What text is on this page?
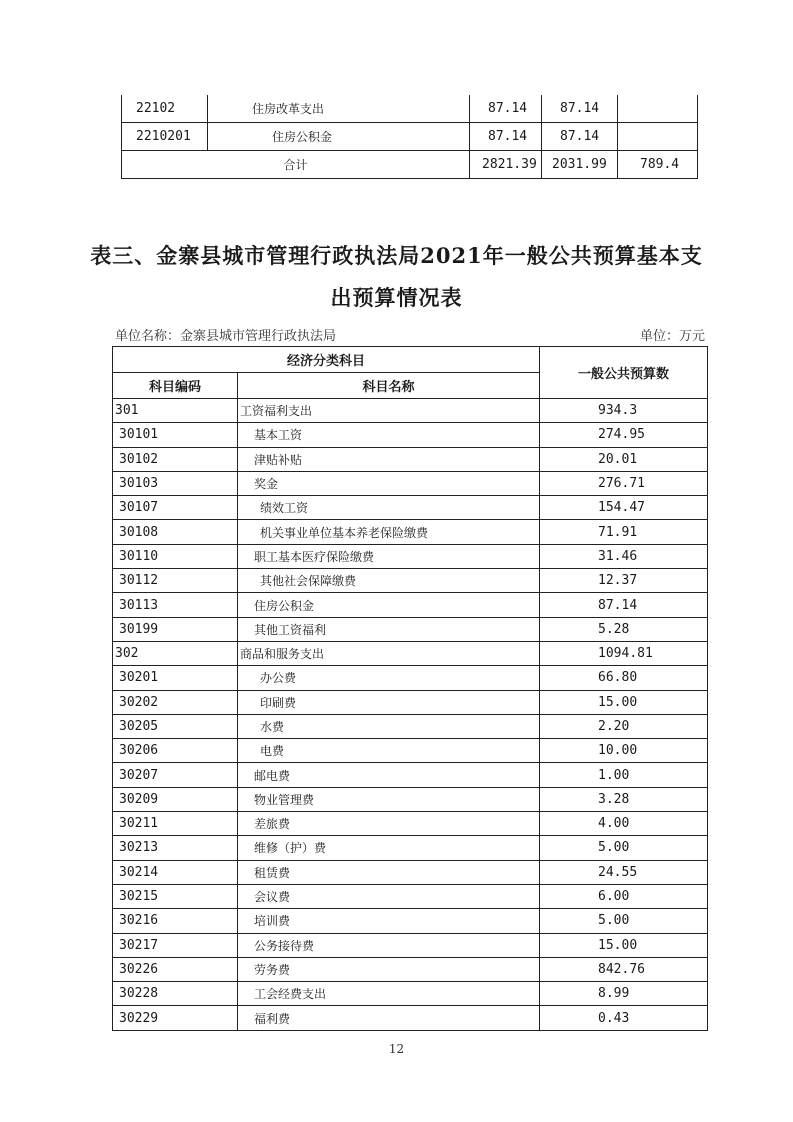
22102	住房改革支出	87.14	87.14	
2210201	住房公积金	87.14	87.14	
合计		2821.39	2031.99	789.4
表三、金寨县城市管理行政执法局2021年一般公共预算基本支
出预算情况表
单位名称：金寨县城市管理行政执法局	单位：万元
经济分类科目		一般公共预算数
科目编码	科目名称	
301	工资福利支出	934.3
30101	基本工资	274.95
30102	津贴补贴	20.01
30103	奖金	276.71
30107	绩效工资	154.47
30108	机关事业单位基本养老保险缴费	71.91
30110	职工基本医疗保险缴费	31.46
30112	其他社会保障缴费	12.37
30113	住房公积金	87.14
30199	其他工资福利	5.28
302	商品和服务支出	1094.81
30201	办公费	66.80
30202	印刷费	15.00
30205	水费	2.20
30206	电费	10.00
30207	邮电费	1.00
30209	物业管理费	3.28
30211	差旅费	4.00
30213	维修（护）费	5.00
30214	租赁费	24.55
30215	会议费	6.00
30216	培训费	5.00
30217	公务接待费	15.00
30226	劳务费	842.76
30228	工会经费支出	8.99
30229	福利费	0.43
12
